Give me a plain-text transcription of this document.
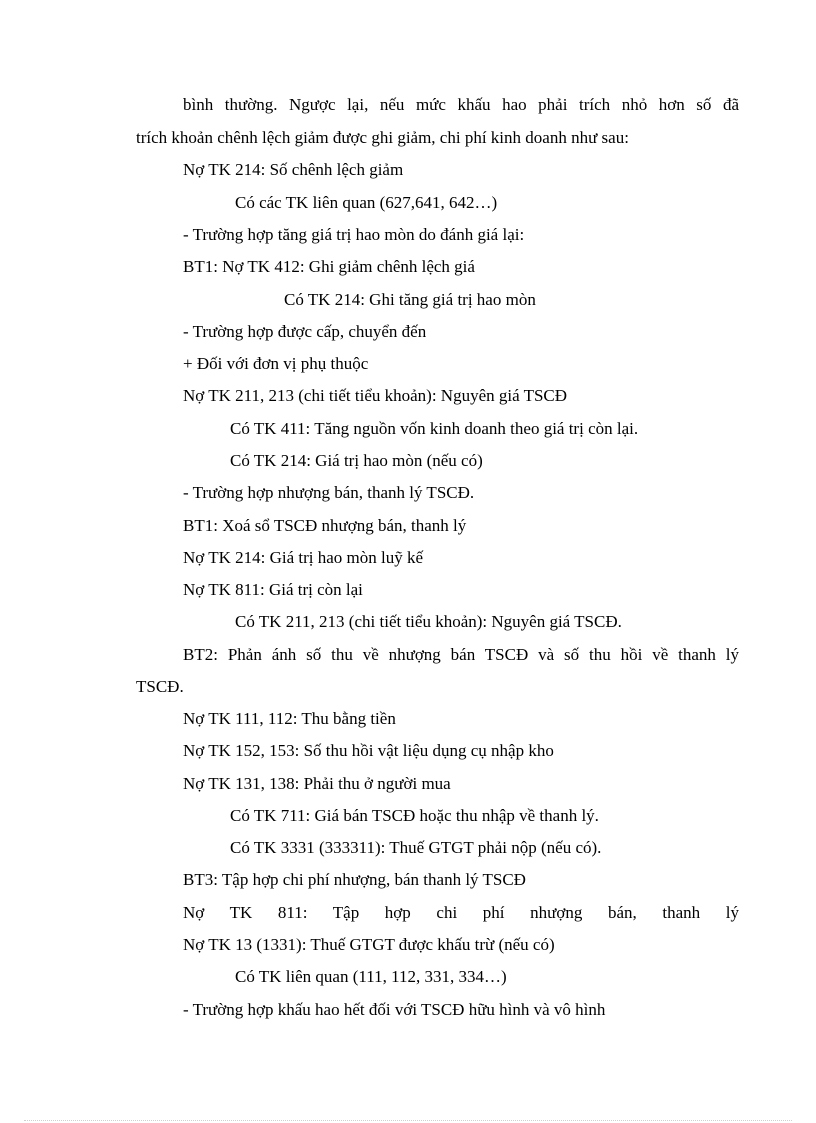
bình thường. Ngược lại, nếu mức khấu hao phải trích nhỏ hơn số đã
trích khoản chênh lệch giảm được ghi giảm, chi phí kinh doanh như sau:
Nợ TK 214: Số chênh lệch giảm
Có các TK liên quan (627,641, 642…)
- Trường hợp tăng giá trị hao mòn do đánh giá lại:
BT1: Nợ TK 412: Ghi giảm chênh lệch giá
Có TK 214: Ghi tăng giá trị hao mòn
- Trường hợp được cấp, chuyển đến
+ Đối với đơn vị phụ thuộc
Nợ TK 211, 213 (chi tiết tiểu khoản): Nguyên giá TSCĐ
Có TK 411: Tăng nguồn vốn kinh doanh theo giá trị còn lại.
Có TK 214: Giá trị hao mòn (nếu có)
- Trường hợp nhượng bán, thanh lý TSCĐ.
BT1: Xoá sổ TSCĐ nhượng bán, thanh lý
Nợ TK 214: Giá trị hao mòn luỹ kế
Nợ TK 811: Giá trị còn lại
Có TK 211, 213 (chi tiết tiểu khoản): Nguyên giá TSCĐ.
BT2: Phản ánh số thu về nhượng bán TSCĐ và số thu hồi về thanh lý
TSCĐ.
Nợ TK 111, 112: Thu bằng tiền
Nợ TK 152, 153: Số thu hồi vật liệu dụng cụ nhập kho
Nợ TK 131, 138: Phải thu ở người mua
Có TK 711: Giá bán TSCĐ hoặc thu nhập về thanh lý.
Có TK 3331 (333311): Thuế GTGT phải nộp (nếu có).
BT3: Tập hợp chi phí nhượng, bán thanh lý TSCĐ
Nợ TK 811: Tập hợp chi phí nhượng bán, thanh lý
Nợ TK 13 (1331): Thuế GTGT được khấu trừ (nếu có)
Có TK liên quan (111, 112, 331, 334…)
- Trường hợp khấu hao hết đối với TSCĐ hữu hình và vô hình
